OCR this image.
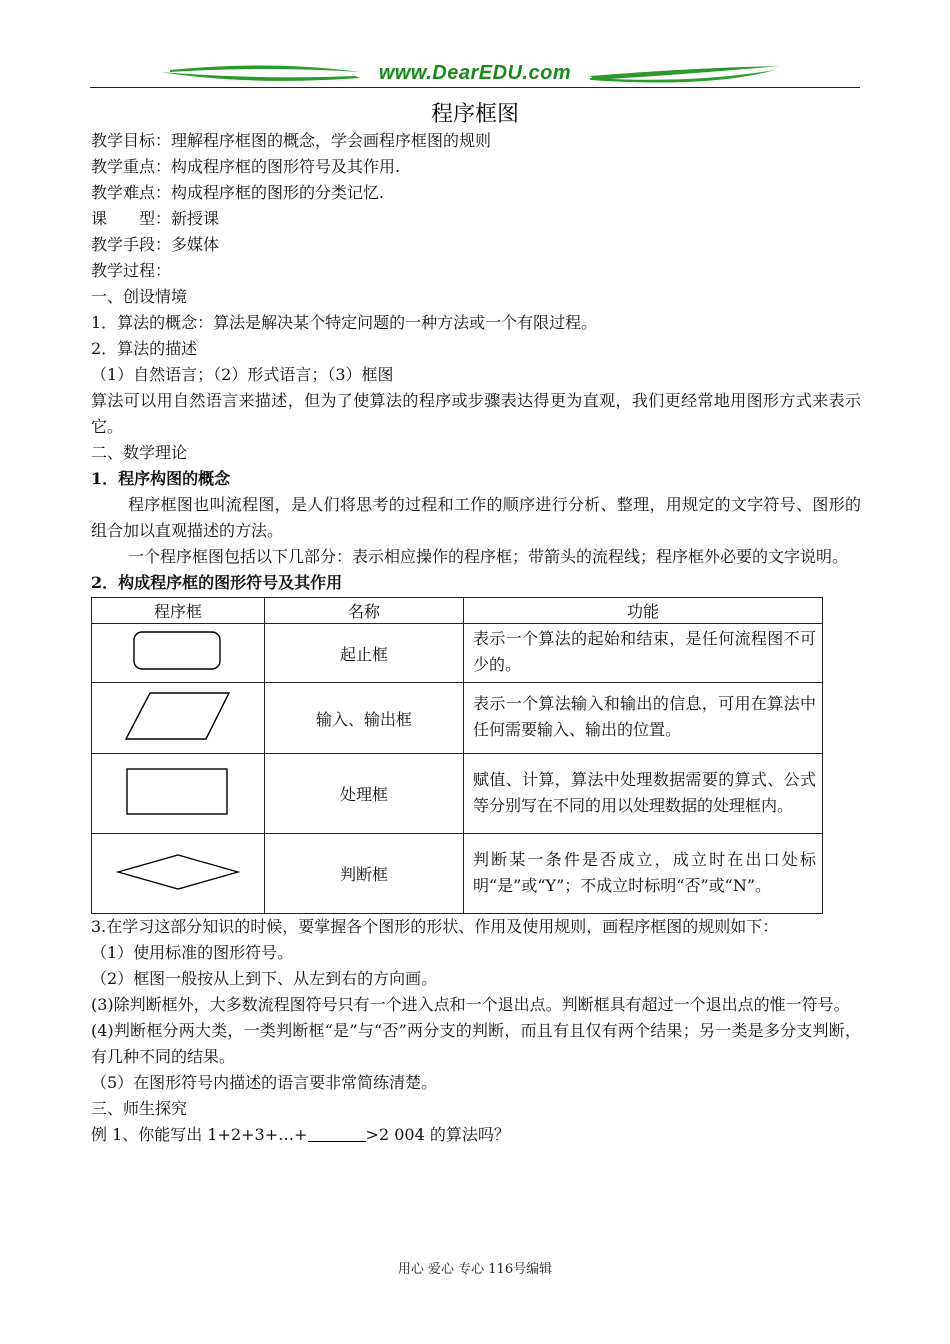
www.DearEDU.com
程序框图
教学目标：理解程序框图的概念，学会画程序框图的规则
教学重点：构成程序框的图形符号及其作用.
教学难点：构成程序框的图形的分类记忆.
课　　型：新授课
教学手段：多媒体
教学过程：
一、创设情境
1．算法的概念：算法是解决某个特定问题的一种方法或一个有限过程。
2．算法的描述
（1）自然语言；（2）形式语言；（3）框图
算法可以用自然语言来描述，但为了使算法的程序或步骤表达得更为直观，我们更经常地用图形方式来表示它。
二、数学理论
1．程序构图的概念
程序框图也叫流程图，是人们将思考的过程和工作的顺序进行分析、整理，用规定的文字符号、图形的组合加以直观描述的方法。
一个程序框图包括以下几部分：表示相应操作的程序框；带箭头的流程线；程序框外必要的文字说明。
2．构成程序框的图形符号及其作用
程序框	名称	功能
	起止框	表示一个算法的起始和结束，是任何流程图不可少的。
	输入、输出框	表示一个算法输入和输出的信息，可用在算法中任何需要输入、输出的位置。
	处理框	赋值、计算，算法中处理数据需要的算式、公式等分别写在不同的用以处理数据的处理框内。
	判断框	判断某一条件是否成立，成立时在出口处标明“是”或“Y”；不成立时标明“否”或“N”。
3.在学习这部分知识的时候，要掌握各个图形的形状、作用及使用规则，画程序框图的规则如下：
（1）使用标准的图形符号。
（2）框图一般按从上到下、从左到右的方向画。
(3)除判断框外，大多数流程图符号只有一个进入点和一个退出点。判断框具有超过一个退出点的惟一符号。
(4)判断框分两大类，一类判断框“是”与“否”两分支的判断，而且有且仅有两个结果；另一类是多分支判断，有几种不同的结果。
（5）在图形符号内描述的语言要非常简练清楚。
三、师生探究
例 1、你能写出 1+2+3+…+	>2 004 的算法吗？
用心 爱心 专心 116号编辑
